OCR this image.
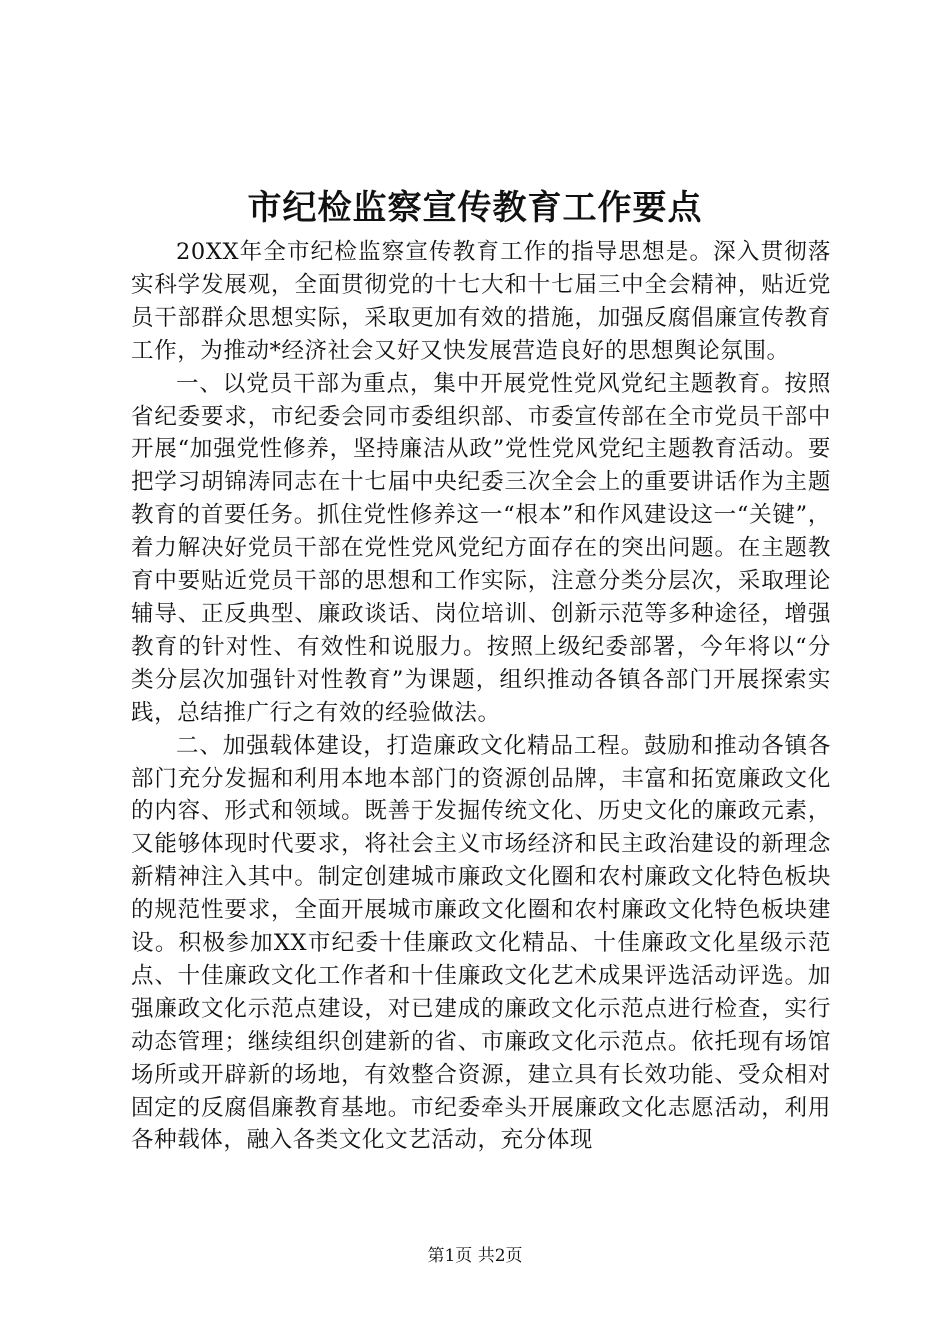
市纪检监察宣传教育工作要点

20XX年全市纪检监察宣传教育工作的指导思想是。深入贯彻落实科学发展观，全面贯彻党的十七大和十七届三中全会精神，贴近党员干部群众思想实际，采取更加有效的措施，加强反腐倡廉宣传教育工作，为推动*经济社会又好又快发展营造良好的思想舆论氛围。

一、以党员干部为重点，集中开展党性党风党纪主题教育。按照省纪委要求，市纪委会同市委组织部、市委宣传部在全市党员干部中开展“加强党性修养，坚持廉洁从政”党性党风党纪主题教育活动。要把学习胡锦涛同志在十七届中央纪委三次全会上的重要讲话作为主题教育的首要任务。抓住党性修养这一“根本”和作风建设这一“关键”，着力解决好党员干部在党性党风党纪方面存在的突出问题。在主题教育中要贴近党员干部的思想和工作实际，注意分类分层次，采取理论辅导、正反典型、廉政谈话、岗位培训、创新示范等多种途径，增强教育的针对性、有效性和说服力。按照上级纪委部署，今年将以“分类分层次加强针对性教育”为课题，组织推动各镇各部门开展探索实践，总结推广行之有效的经验做法。

二、加强载体建设，打造廉政文化精品工程。鼓励和推动各镇各部门充分发掘和利用本地本部门的资源创品牌，丰富和拓宽廉政文化的内容、形式和领域。既善于发掘传统文化、历史文化的廉政元素，又能够体现时代要求，将社会主义市场经济和民主政治建设的新理念新精神注入其中。制定创建城市廉政文化圈和农村廉政文化特色板块的规范性要求，全面开展城市廉政文化圈和农村廉政文化特色板块建设。积极参加XX市纪委十佳廉政文化精品、十佳廉政文化星级示范点、十佳廉政文化工作者和十佳廉政文化艺术成果评选活动评选。加强廉政文化示范点建设，对已建成的廉政文化示范点进行检查，实行动态管理；继续组织创建新的省、市廉政文化示范点。依托现有场馆场所或开辟新的场地，有效整合资源，建立具有长效功能、受众相对固定的反腐倡廉教育基地。市纪委牵头开展廉政文化志愿活动，利用各种载体，融入各类文化文艺活动，充分体现

第1页 共2页
